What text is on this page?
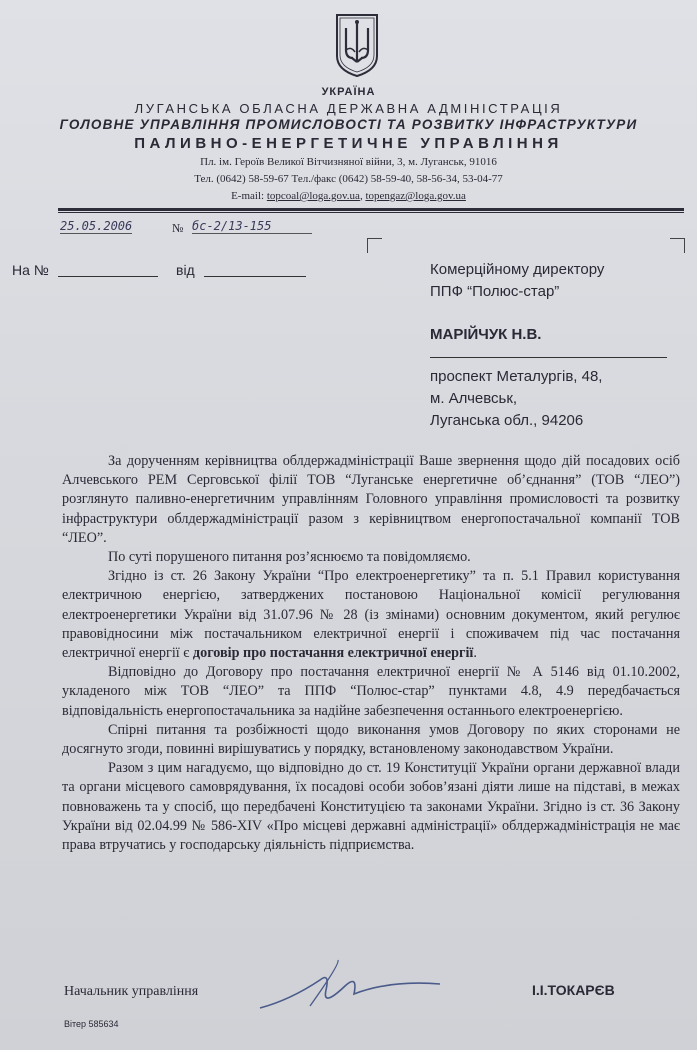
УКРАЇНА
ЛУГАНСЬКА ОБЛАСНА ДЕРЖАВНА АДМІНІСТРАЦІЯ
ГОЛОВНЕ УПРАВЛІННЯ ПРОМИСЛОВОСТІ ТА РОЗВИТКУ ІНФРАСТРУКТУРИ
ПАЛИВНО-ЕНЕРГЕТИЧНЕ УПРАВЛІННЯ
Пл. ім. Героїв Великої Вітчизняної війни, 3, м. Луганськ, 91016
Тел. (0642) 58-59-67 Тел./факс (0642) 58-59-40, 58-56-34, 53-04-77
E-mail: topcoal@loga.gov.ua, topengaz@loga.gov.ua
25.05.2006	№ бс-2/13-155
На №	від	Комерційному директору
ППФ “Полюс-стар”
МАРІЙЧУК Н.В.
проспект Металургів, 48,
м. Алчевськ,
Луганська обл., 94206

За дорученням керівництва облдержадміністрації Ваше звернення щодо дій посадових осіб Алчевського РЕМ Серговської філії ТОВ “Луганське енергетичне об’єднання” (ТОВ “ЛЕО”) розглянуто паливно-енергетичним управлінням Головного управління промисловості та розвитку інфраструктури облдержадміністрації разом з керівництвом енергопостачальної компанії ТОВ “ЛЕО”.

По суті порушеного питання роз’яснюємо та повідомляємо.

Згідно із ст. 26 Закону України “Про електроенергетику” та п. 5.1 Правил користування електричною енергією, затверджених постановою Національної комісії регулювання електроенергетики України від 31.07.96 № 28 (із змінами) основним документом, який регулює правовідносини між постачальником електричної енергії і споживачем під час постачання електричної енергії є договір про постачання електричної енергії.

Відповідно до Договору про постачання електричної енергії № А 5146 від 01.10.2002, укладеного між ТОВ “ЛЕО” та ППФ “Полюс-стар” пунктами 4.8, 4.9 передбачається відповідальність енергопостачальника за надійне забезпечення останнього електроенергією.

Спірні питання та розбіжності щодо виконання умов Договору по яких сторонами не досягнуто згоди, повинні вирішуватись у порядку, встановленому законодавством України.

Разом з цим нагадуємо, що відповідно до ст. 19 Конституції України органи державної влади та органи місцевого самоврядування, їх посадові особи зобов’язані діяти лише на підставі, в межах повноважень та у спосіб, що передбачені Конституцією та законами України. Згідно із ст. 36 Закону України від 02.04.99 № 586-XIV «Про місцеві державні адміністрації» облдержадміністрація не має права втручатись у господарську діяльність підприємства.

Начальник управління	І.І.ТОКАРЄВ
Вітер 585634
